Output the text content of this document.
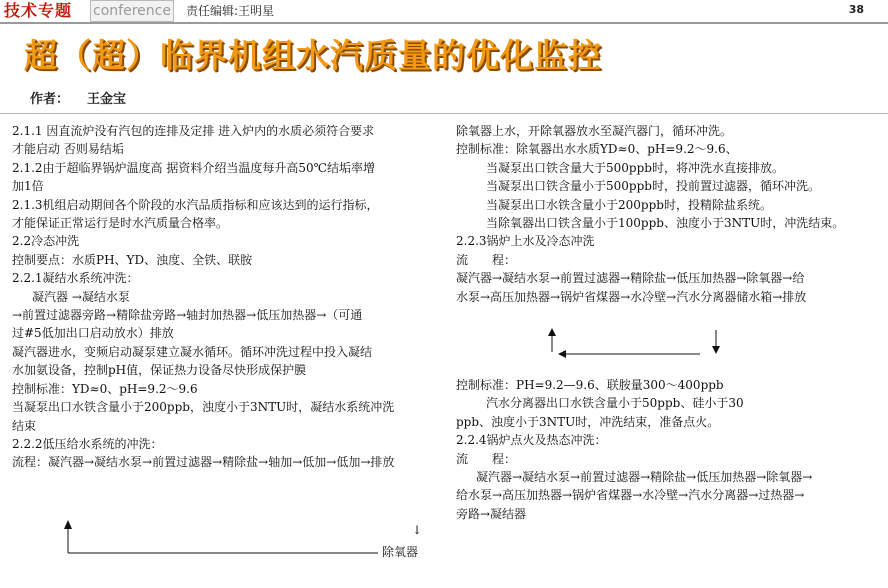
技术专题 conference 责任编辑:王明星	38
超（超）临界机组水汽质量的优化监控
作者： 王金宝

2.1.1 因直流炉没有汽包的连排及定排 进入炉内的水质必须符合要求

才能启动 否则易结垢

2.1.2由于超临界锅炉温度高 据资料介绍当温度每升高50℃结垢率增

加1倍

2.1.3机组启动期间各个阶段的水汽品质指标和应该达到的运行指标，

才能保证正常运行是时水汽质量合格率。

2.2冷态冲洗

控制要点：水质PH、YD、浊度、全铁、联胺

2.2.1凝结水系统冲洗：

凝汽器 →凝结水泵

→前置过滤器旁路→精除盐旁路→轴封加热器→低压加热器→（可通

过#5低加出口启动放水）排放

凝汽器进水，变频启动凝泵建立凝水循环。循环冲洗过程中投入凝结

水加氨设备，控制pH值，保证热力设备尽快形成保护膜

控制标准：YD≈0、pH=9.2～9.6

当凝泵出口水铁含量小于200ppb，浊度小于3NTU时，凝结水系统冲洗

结束

2.2.2低压给水系统的冲洗：

流程：凝汽器→凝结水泵→前置过滤器→精除盐→轴加→低加→低加→排放

↓
除氧器

除氧器上水，开除氧器放水至凝汽器门，循环冲洗。

控制标准：除氧器出水水质YD≈0、pH=9.2～9.6、

当凝泵出口铁含量大于500ppb时，将冲洗水直接排放。

当凝泵出口铁含量小于500ppb时，投前置过滤器，循环冲洗。

当凝泵出口水铁含量小于200ppb时，投精除盐系统。

当除氧器出口铁含量小于100ppb、浊度小于3NTU时，冲洗结束。

2.2.3锅炉上水及冷态冲洗

流　　程：

凝汽器→凝结水泵→前置过滤器→精除盐→低压加热器→除氧器→给

水泵→高压加热器→锅炉省煤器→水冷壁→汽水分离器储水箱→排放

控制标准：PH=9.2—9.6、联胺量300～400ppb

汽水分离器出口水铁含量小于50ppb、硅小于30

ppb、浊度小于3NTU时，冲洗结束，准备点火。

2.2.4锅炉点火及热态冲洗：

流　　程：

凝汽器→凝结水泵→前置过滤器→精除盐→低压加热器→除氧器→

给水泵→高压加热器→锅炉省煤器→水冷壁→汽水分离器→过热器→

旁路→凝结器
